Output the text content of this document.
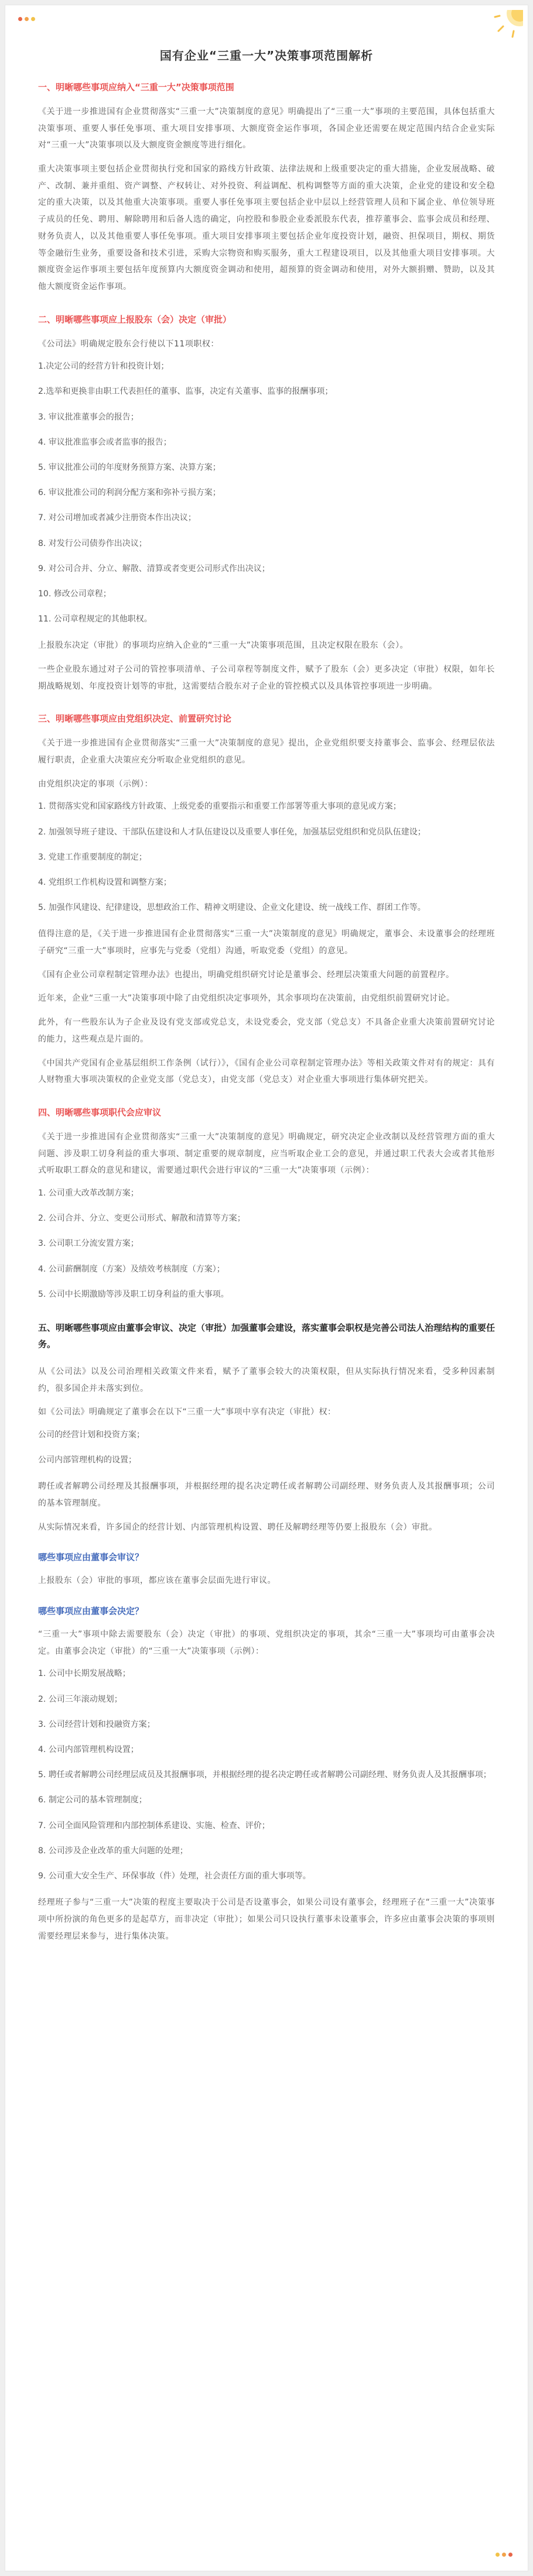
国有企业“三重一大”决策事项范围解析
一、明晰哪些事项应纳入“三重一大”决策事项范围

《关于进一步推进国有企业贯彻落实“三重一大”决策制度的意见》明确提出了“三重一大”事项的主要范围，具体包括重大决策事项、重要人事任免事项、重大项目安排事项、大额度资金运作事项，各国企业还需要在规定范围内结合企业实际对“三重一大”决策事项以及大额度资金额度等进行细化。

重大决策事项主要包括企业贯彻执行党和国家的路线方针政策、法律法规和上级重要决定的重大措施，企业发展战略、破产、改制、兼并重组、资产调整、产权转让、对外投资、利益调配、机构调整等方面的重大决策，企业党的建设和安全稳定的重大决策，以及其他重大决策事项。重要人事任免事项主要包括企业中层以上经营管理人员和下属企业、单位领导班子成员的任免、聘用、解除聘用和后备人选的确定，向控股和参股企业委派股东代表，推荐董事会、监事会成员和经理、财务负责人，以及其他重要人事任免事项。重大项目安排事项主要包括企业年度投资计划，融资、担保项目，期权、期货等金融衍生业务，重要设备和技术引进，采购大宗物资和购买服务，重大工程建设项目，以及其他重大项目安排事项。大额度资金运作事项主要包括年度预算内大额度资金调动和使用，超预算的资金调动和使用，对外大额捐赠、赞助，以及其他大额度资金运作事项。

二、明晰哪些事项应上报股东（会）决定（审批）

《公司法》明确规定股东会行使以下11项职权：

1.决定公司的经营方针和投资计划；
2.选举和更换非由职工代表担任的董事、监事，决定有关董事、监事的报酬事项；
3. 审议批准董事会的报告；
4. 审议批准监事会或者监事的报告；
5. 审议批准公司的年度财务预算方案、决算方案；
6. 审议批准公司的利润分配方案和弥补亏损方案；
7. 对公司增加或者减少注册资本作出决议；
8. 对发行公司债券作出决议；
9. 对公司合并、分立、解散、清算或者变更公司形式作出决议；
10. 修改公司章程；
11. 公司章程规定的其他职权。

上报股东决定（审批）的事项均应纳入企业的“三重一大”决策事项范围，且决定权限在股东（会）。

一些企业股东通过对子公司的管控事项清单、子公司章程等制度文件，赋予了股东（会）更多决定（审批）权限，如年长期战略规划、年度投资计划等的审批，这需要结合股东对子企业的管控模式以及具体管控事项进一步明确。

三、明晰哪些事项应由党组织决定、前置研究讨论

《关于进一步推进国有企业贯彻落实“三重一大”决策制度的意见》提出，企业党组织要支持董事会、监事会、经理层依法履行职责，企业重大决策应充分听取企业党组织的意见。

由党组织决定的事项（示例）：

1. 贯彻落实党和国家路线方针政策、上级党委的重要指示和重要工作部署等重大事项的意见或方案；
2. 加强领导班子建设、干部队伍建设和人才队伍建设以及重要人事任免，加强基层党组织和党员队伍建设；
3. 党建工作重要制度的制定；
4. 党组织工作机构设置和调整方案；
5. 加强作风建设、纪律建设，思想政治工作、精神文明建设、企业文化建设、统一战线工作、群团工作等。

值得注意的是，《关于进一步推进国有企业贯彻落实“三重一大”决策制度的意见》明确规定，董事会、未设董事会的经理班子研究“三重一大”事项时，应事先与党委（党组）沟通，听取党委（党组）的意见。

《国有企业公司章程制定管理办法》也提出，明确党组织研究讨论是董事会、经理层决策重大问题的前置程序。

近年来，企业“三重一大”决策事项中除了由党组织决定事项外，其余事项均在决策前，由党组织前置研究讨论。

此外，有一些股东认为子企业及设有党支部或党总支，未设党委会，党支部（党总支）不具备企业重大决策前置研究讨论的能力，这些观点是片面的。

《中国共产党国有企业基层组织工作条例（试行）》，《国有企业公司章程制定管理办法》等相关政策文件对有的规定：具有人财物重大事项决策权的企业党支部（党总支），由党支部（党总支）对企业重大事项进行集体研究把关。

四、明晰哪些事项职代会应审议

《关于进一步推进国有企业贯彻落实“三重一大”决策制度的意见》明确规定，研究决定企业改制以及经营管理方面的重大问题、涉及职工切身利益的重大事项、制定重要的规章制度，应当听取企业工会的意见，并通过职工代表大会或者其他形式听取职工群众的意见和建议，需要通过职代会进行审议的“三重一大”决策事项（示例）：

1. 公司重大改革改制方案；
2. 公司合并、分立、变更公司形式、解散和清算等方案；
3. 公司职工分流安置方案；
4. 公司薪酬制度（方案）及绩效考核制度（方案）；
5. 公司中长期激励等涉及职工切身利益的重大事项。
五、明晰哪些事项应由董事会审议、决定（审批）加强董事会建设，落实董事会职权是完善公司法人治理结构的重要任务。

从《公司法》以及公司治理相关政策文件来看，赋予了董事会较大的决策权限，但从实际执行情况来看，受多种因素制约，很多国企并未落实到位。

如《公司法》明确规定了董事会在以下“三重一大”事项中享有决定（审批）权：

公司的经营计划和投资方案；
公司内部管理机构的设置；

聘任或者解聘公司经理及其报酬事项，并根据经理的提名决定聘任或者解聘公司副经理、财务负责人及其报酬事项；公司的基本管理制度。

从实际情况来看，许多国企的经营计划、内部管理机构设置、聘任及解聘经理等仍要上报股东（会）审批。

哪些事项应由董事会审议？

上报股东（会）审批的事项，都应该在董事会层面先进行审议。

哪些事项应由董事会决定？

“三重一大”事项中除去需要股东（会）决定（审批）的事项、党组织决定的事项，其余“三重一大”事项均可由董事会决定。由董事会决定（审批）的“三重一大”决策事项（示例）：

1. 公司中长期发展战略；
2. 公司三年滚动规划；
3. 公司经营计划和投融资方案；
4. 公司内部管理机构设置；
5. 聘任或者解聘公司经理层成员及其报酬事项，并根据经理的提名决定聘任或者解聘公司副经理、财务负责人及其报酬事项；
6. 制定公司的基本管理制度；
7. 公司全面风险管理和内部控制体系建设、实施、检查、评价；
8. 公司涉及企业改革的重大问题的处理；
9. 公司重大安全生产、环保事故（件）处理，社会责任方面的重大事项等。

经理班子参与“三重一大”决策的程度主要取决于公司是否设董事会，如果公司设有董事会，经理班子在“三重一大”决策事项中所扮演的角色更多的是起草方，而非决定（审批）；如果公司只设执行董事未设董事会，许多应由董事会决策的事项则需要经理层来参与，进行集体决策。
